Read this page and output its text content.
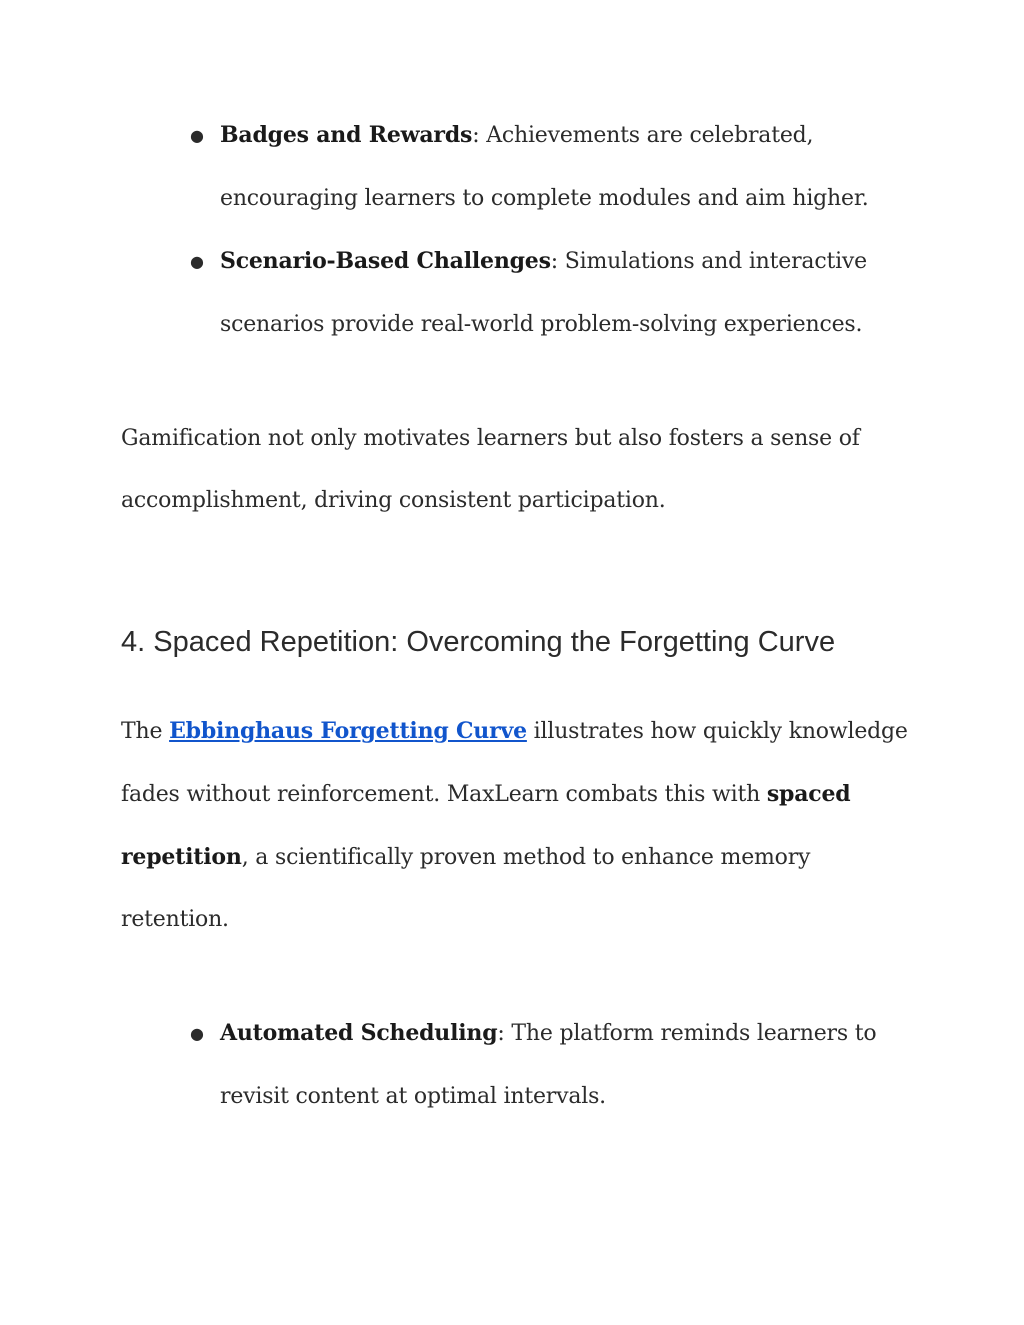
● Badges and Rewards: Achievements are celebrated, encouraging learners to complete modules and aim higher.
● Scenario-Based Challenges: Simulations and interactive scenarios provide real-world problem-solving experiences.

Gamification not only motivates learners but also fosters a sense of accomplishment, driving consistent participation.

4. Spaced Repetition: Overcoming the Forgetting Curve

The Ebbinghaus Forgetting Curve illustrates how quickly knowledge fades without reinforcement. MaxLearn combats this with spaced repetition, a scientifically proven method to enhance memory retention.

● Automated Scheduling: The platform reminds learners to revisit content at optimal intervals.
